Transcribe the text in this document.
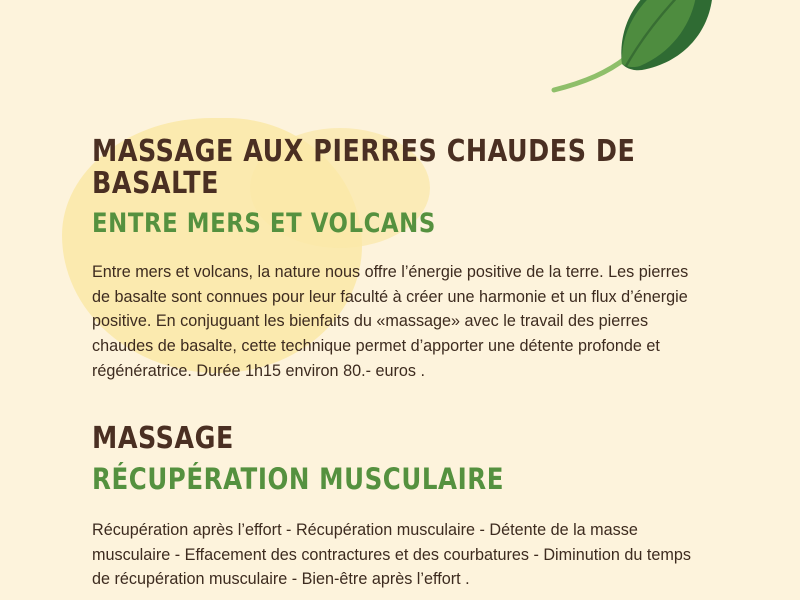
MASSAGE AUX PIERRES CHAUDES DE BASALTE
ENTRE MERS ET VOLCANS

Entre mers et volcans, la nature nous offre l’énergie positive de la terre. Les pierres de basalte sont connues pour leur faculté à créer une harmonie et un flux d’énergie positive. En conjuguant les bienfaits du «massage» avec le travail des pierres chaudes de basalte, cette technique permet d’apporter une détente profonde et régénératrice. Durée 1h15 environ 80.- euros .

MASSAGE
RÉCUPÉRATION MUSCULAIRE

Récupération après l’effort - Récupération musculaire - Détente de la masse musculaire - Effacement des contractures et des courbatures - Diminution du temps de récupération musculaire - Bien-être après l’effort .
